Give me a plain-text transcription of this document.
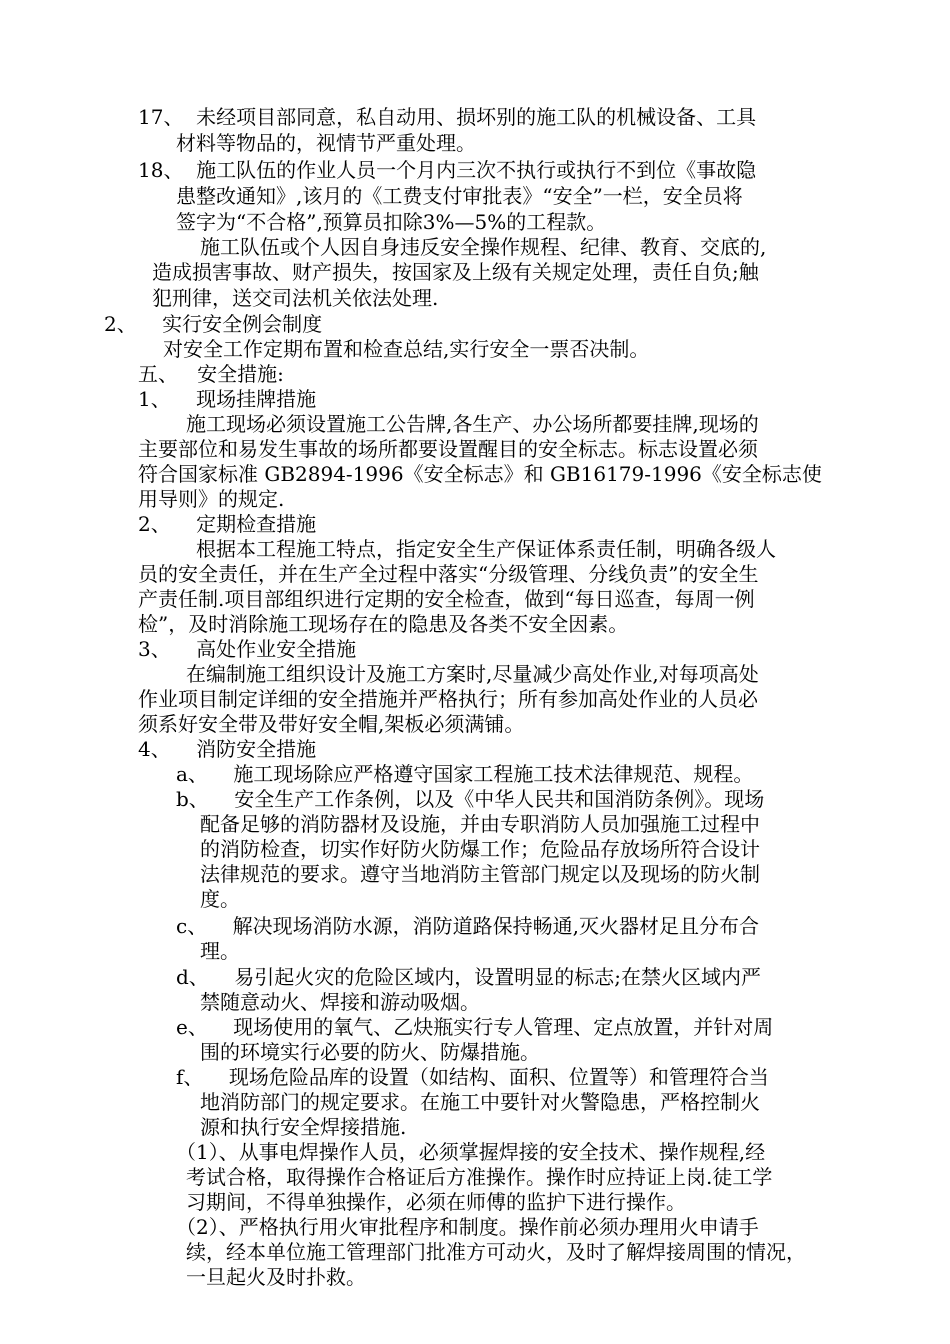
17、  未经项目部同意，私自动用、损坏别的施工队的机械设备、工具
材料等物品的，视情节严重处理。
18、  施工队伍的作业人员一个月内三次不执行或执行不到位《事故隐
患整改通知》,该月的《工费支付审批表》“安全”一栏，安全员将
签字为“不合格”,预算员扣除3%—5%的工程款。
施工队伍或个人因自身违反安全操作规程、纪律、教育、交底的,
造成损害事故、财产损失，按国家及上级有关规定处理，责任自负;触
犯刑律，送交司法机关依法处理.
2、    实行安全例会制度
对安全工作定期布置和检查总结,实行安全一票否决制。
五、   安全措施:
1、    现场挂牌措施
施工现场必须设置施工公告牌,各生产、办公场所都要挂牌,现场的
主要部位和易发生事故的场所都要设置醒目的安全标志。标志设置必须
符合国家标准 GB2894-1996《安全标志》和 GB16179-1996《安全标志使
用导则》的规定.
2、    定期检查措施
根据本工程施工特点，指定安全生产保证体系责任制，明确各级人
员的安全责任，并在生产全过程中落实“分级管理、分线负责”的安全生
产责任制.项目部组织进行定期的安全检查，做到“每日巡查，每周一例
检”，及时消除施工现场存在的隐患及各类不安全因素。
3、    高处作业安全措施
在编制施工组织设计及施工方案时,尽量减少高处作业,对每项高处
作业项目制定详细的安全措施并严格执行；所有参加高处作业的人员必
须系好安全带及带好安全帽,架板必须满铺。
4、    消防安全措施
a、    施工现场除应严格遵守国家工程施工技术法律规范、规程。
b、    安全生产工作条例，以及《中华人民共和国消防条例》。现场
配备足够的消防器材及设施，并由专职消防人员加强施工过程中
的消防检查，切实作好防火防爆工作；危险品存放场所符合设计
法律规范的要求。遵守当地消防主管部门规定以及现场的防火制
度。
c、    解决现场消防水源，消防道路保持畅通,灭火器材足且分布合
理。
d、    易引起火灾的危险区域内，设置明显的标志;在禁火区域内严
禁随意动火、焊接和游动吸烟。
e、    现场使用的氧气、乙炔瓶实行专人管理、定点放置，并针对周
围的环境实行必要的防火、防爆措施。
f、    现场危险品库的设置（如结构、面积、位置等）和管理符合当
地消防部门的规定要求。在施工中要针对火警隐患，严格控制火
源和执行安全焊接措施.
（1）、从事电焊操作人员，必须掌握焊接的安全技术、操作规程,经
考试合格，取得操作合格证后方准操作。操作时应持证上岗.徒工学
习期间，不得单独操作，必须在师傅的监护下进行操作。
（2）、严格执行用火审批程序和制度。操作前必须办理用火申请手
续，经本单位施工管理部门批准方可动火，及时了解焊接周围的情况，
一旦起火及时扑救。
